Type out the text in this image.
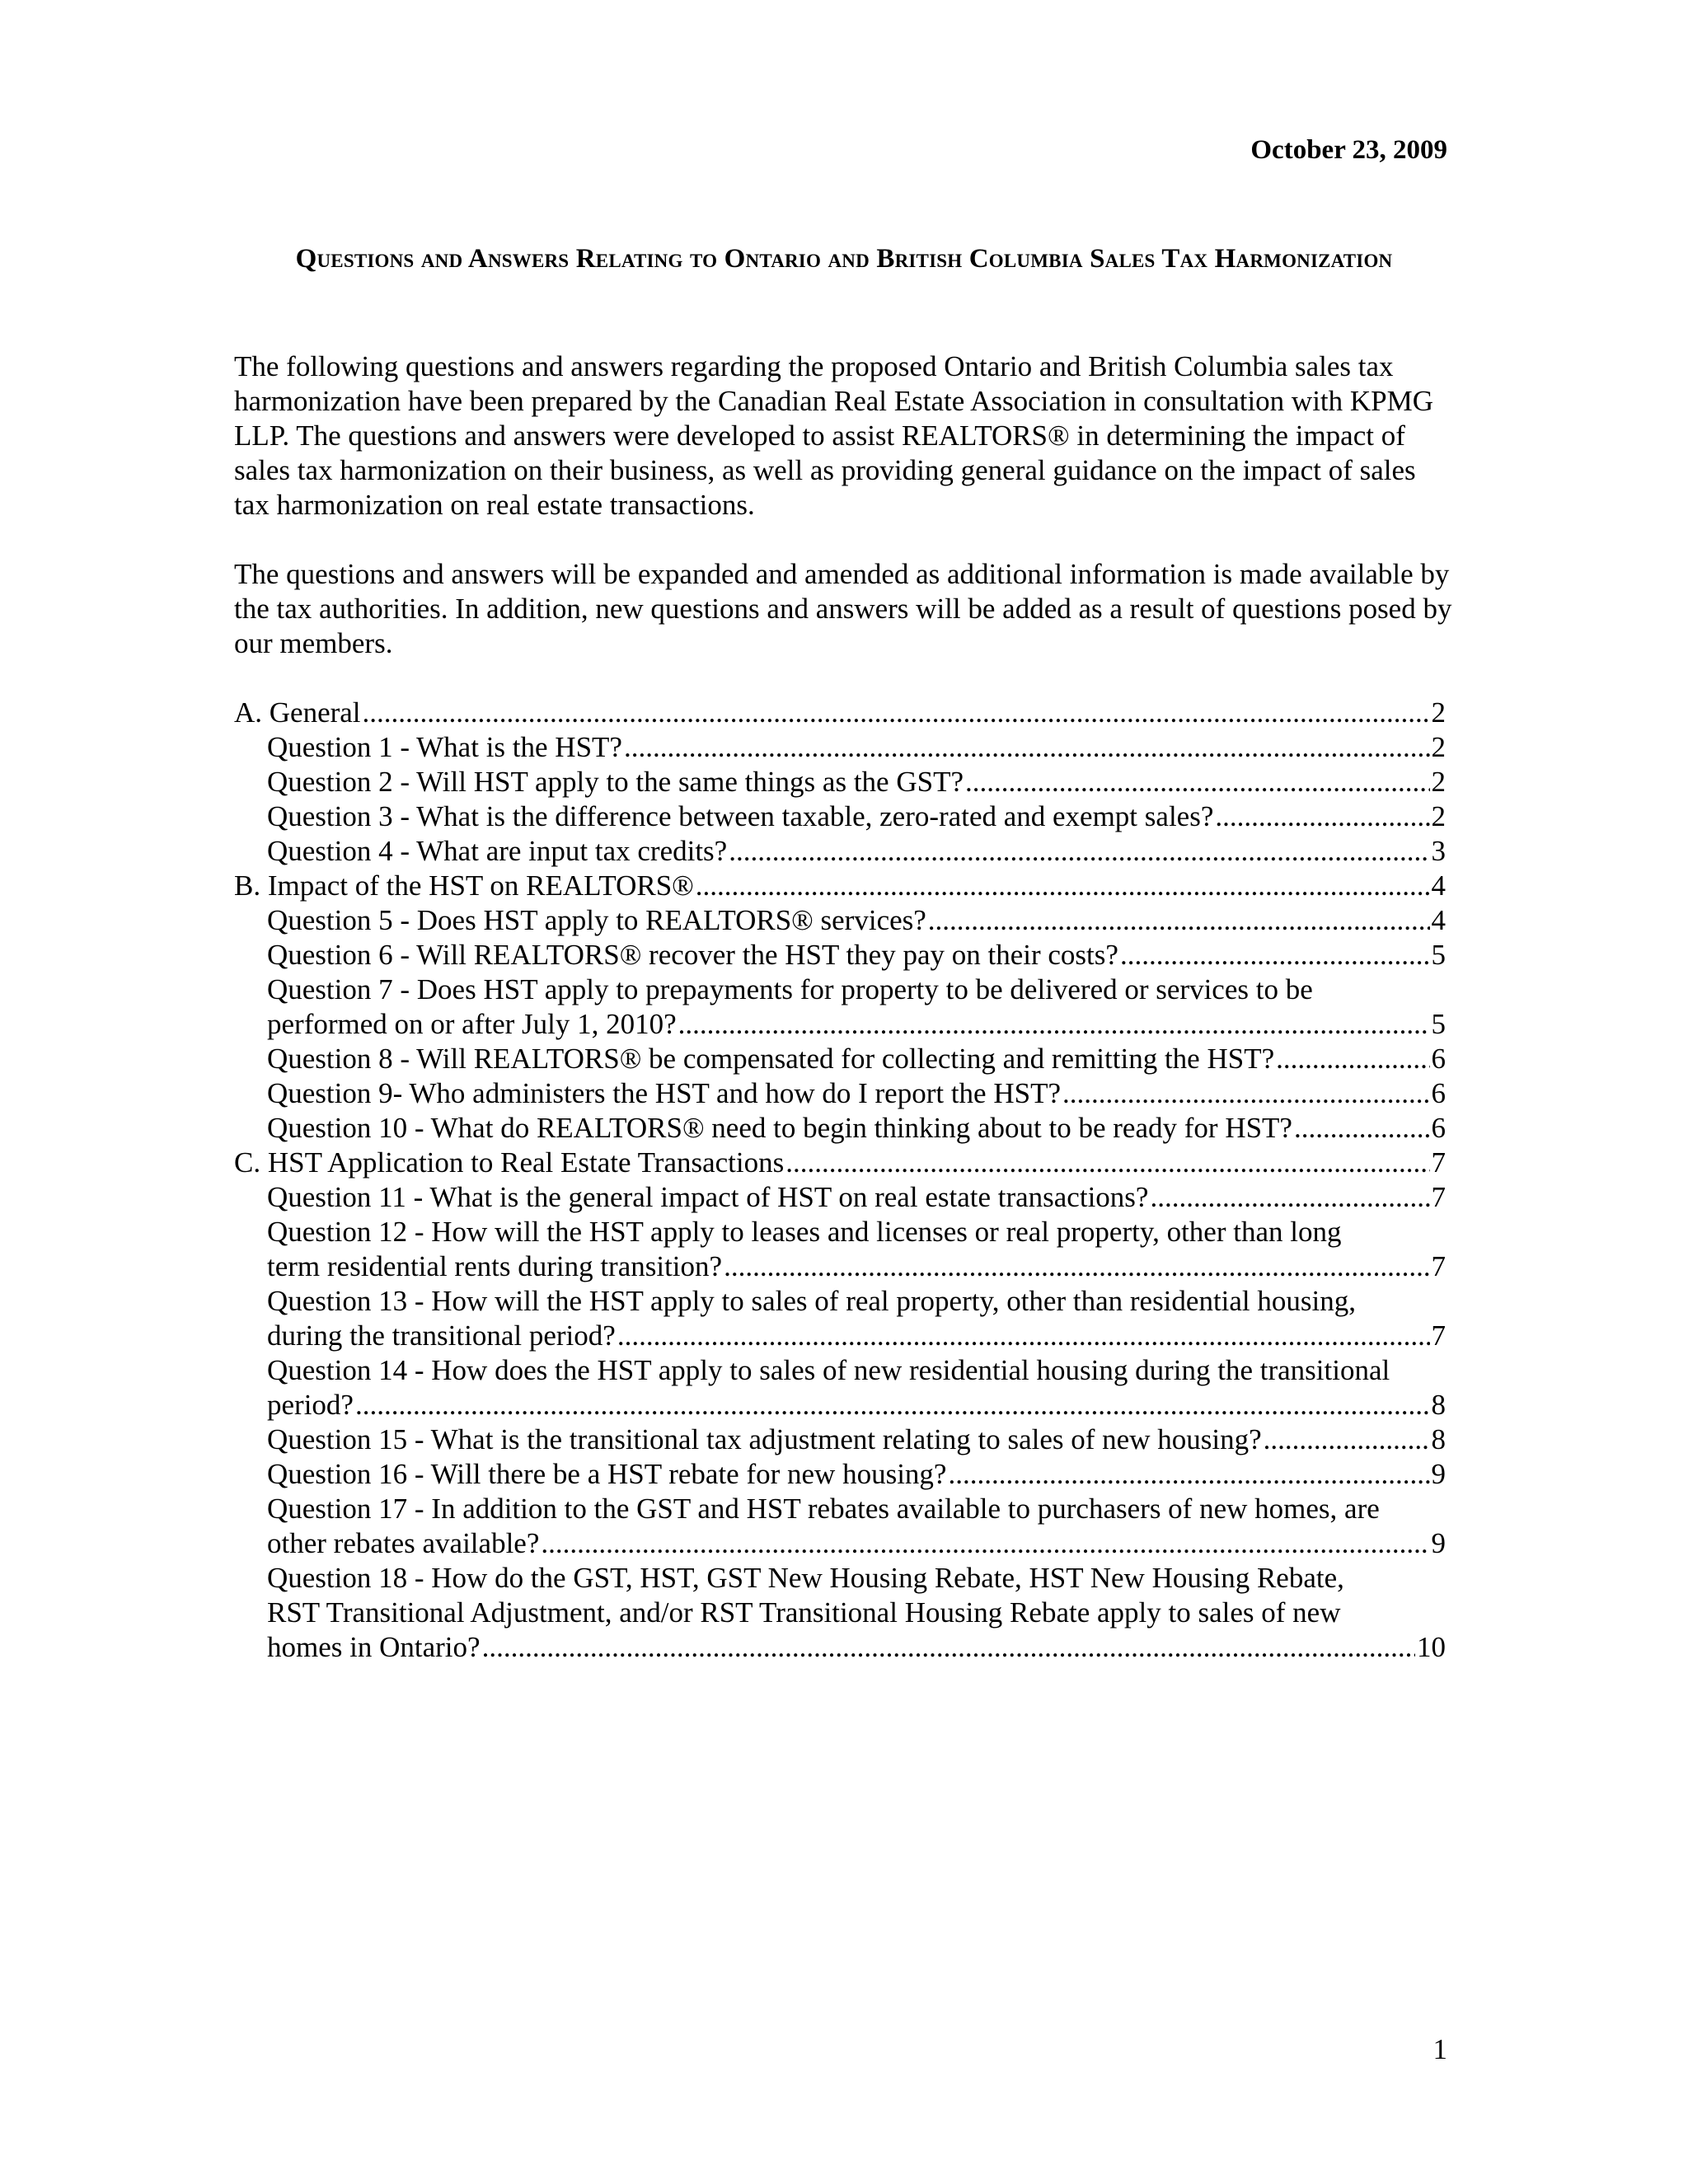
October 23, 2009
Questions and Answers Relating to Ontario and British Columbia Sales Tax Harmonization

The following questions and answers regarding the proposed Ontario and British Columbia sales tax harmonization have been prepared by the Canadian Real Estate Association in consultation with KPMG LLP. The questions and answers were developed to assist REALTORS® in determining the impact of sales tax harmonization on their business, as well as providing general guidance on the impact of sales tax harmonization on real estate transactions.

The questions and answers will be expanded and amended as additional information is made available by the tax authorities. In addition, new questions and answers will be added as a result of questions posed by our members.

A. General .....	2
Question 1 - What is the HST? .....	2
Question 2 - Will HST apply to the same things as the GST? .....	2
Question 3 - What is the difference between taxable, zero-rated and exempt sales? .....	2
Question 4 - What are input tax credits? .....	3
B. Impact of the HST on REALTORS® .....	4
Question 5 - Does HST apply to REALTORS® services? .....	4
Question 6 - Will REALTORS® recover the HST they pay on their costs? .....	5
Question 7 - Does HST apply to prepayments for property to be delivered or services to be
performed on or after July 1, 2010? .....	5
Question 8 - Will REALTORS® be compensated for collecting and remitting the HST? .....	6
Question 9- Who administers the HST and how do I report the HST? .....	6
Question 10 - What do REALTORS® need to begin thinking about to be ready for HST? .....	6
C. HST Application to Real Estate Transactions .....	7
Question 11 - What is the general impact of HST on real estate transactions? .....	7
Question 12 - How will the HST apply to leases and licenses or real property, other than long
term residential rents during transition? .....	7
Question 13 - How will the HST apply to sales of real property, other than residential housing,
during the transitional period? .....	7
Question 14 - How does the HST apply to sales of new residential housing during the transitional
period? .....	8
Question 15 - What is the transitional tax adjustment relating to sales of new housing? .....	8
Question 16 - Will there be a HST rebate for new housing? .....	9
Question 17 - In addition to the GST and HST rebates available to purchasers of new homes, are
other rebates available? .....	9
Question 18 - How do the GST, HST, GST New Housing Rebate, HST New Housing Rebate,
RST Transitional Adjustment, and/or RST Transitional Housing Rebate apply to sales of new
homes in Ontario? .....	10
1
